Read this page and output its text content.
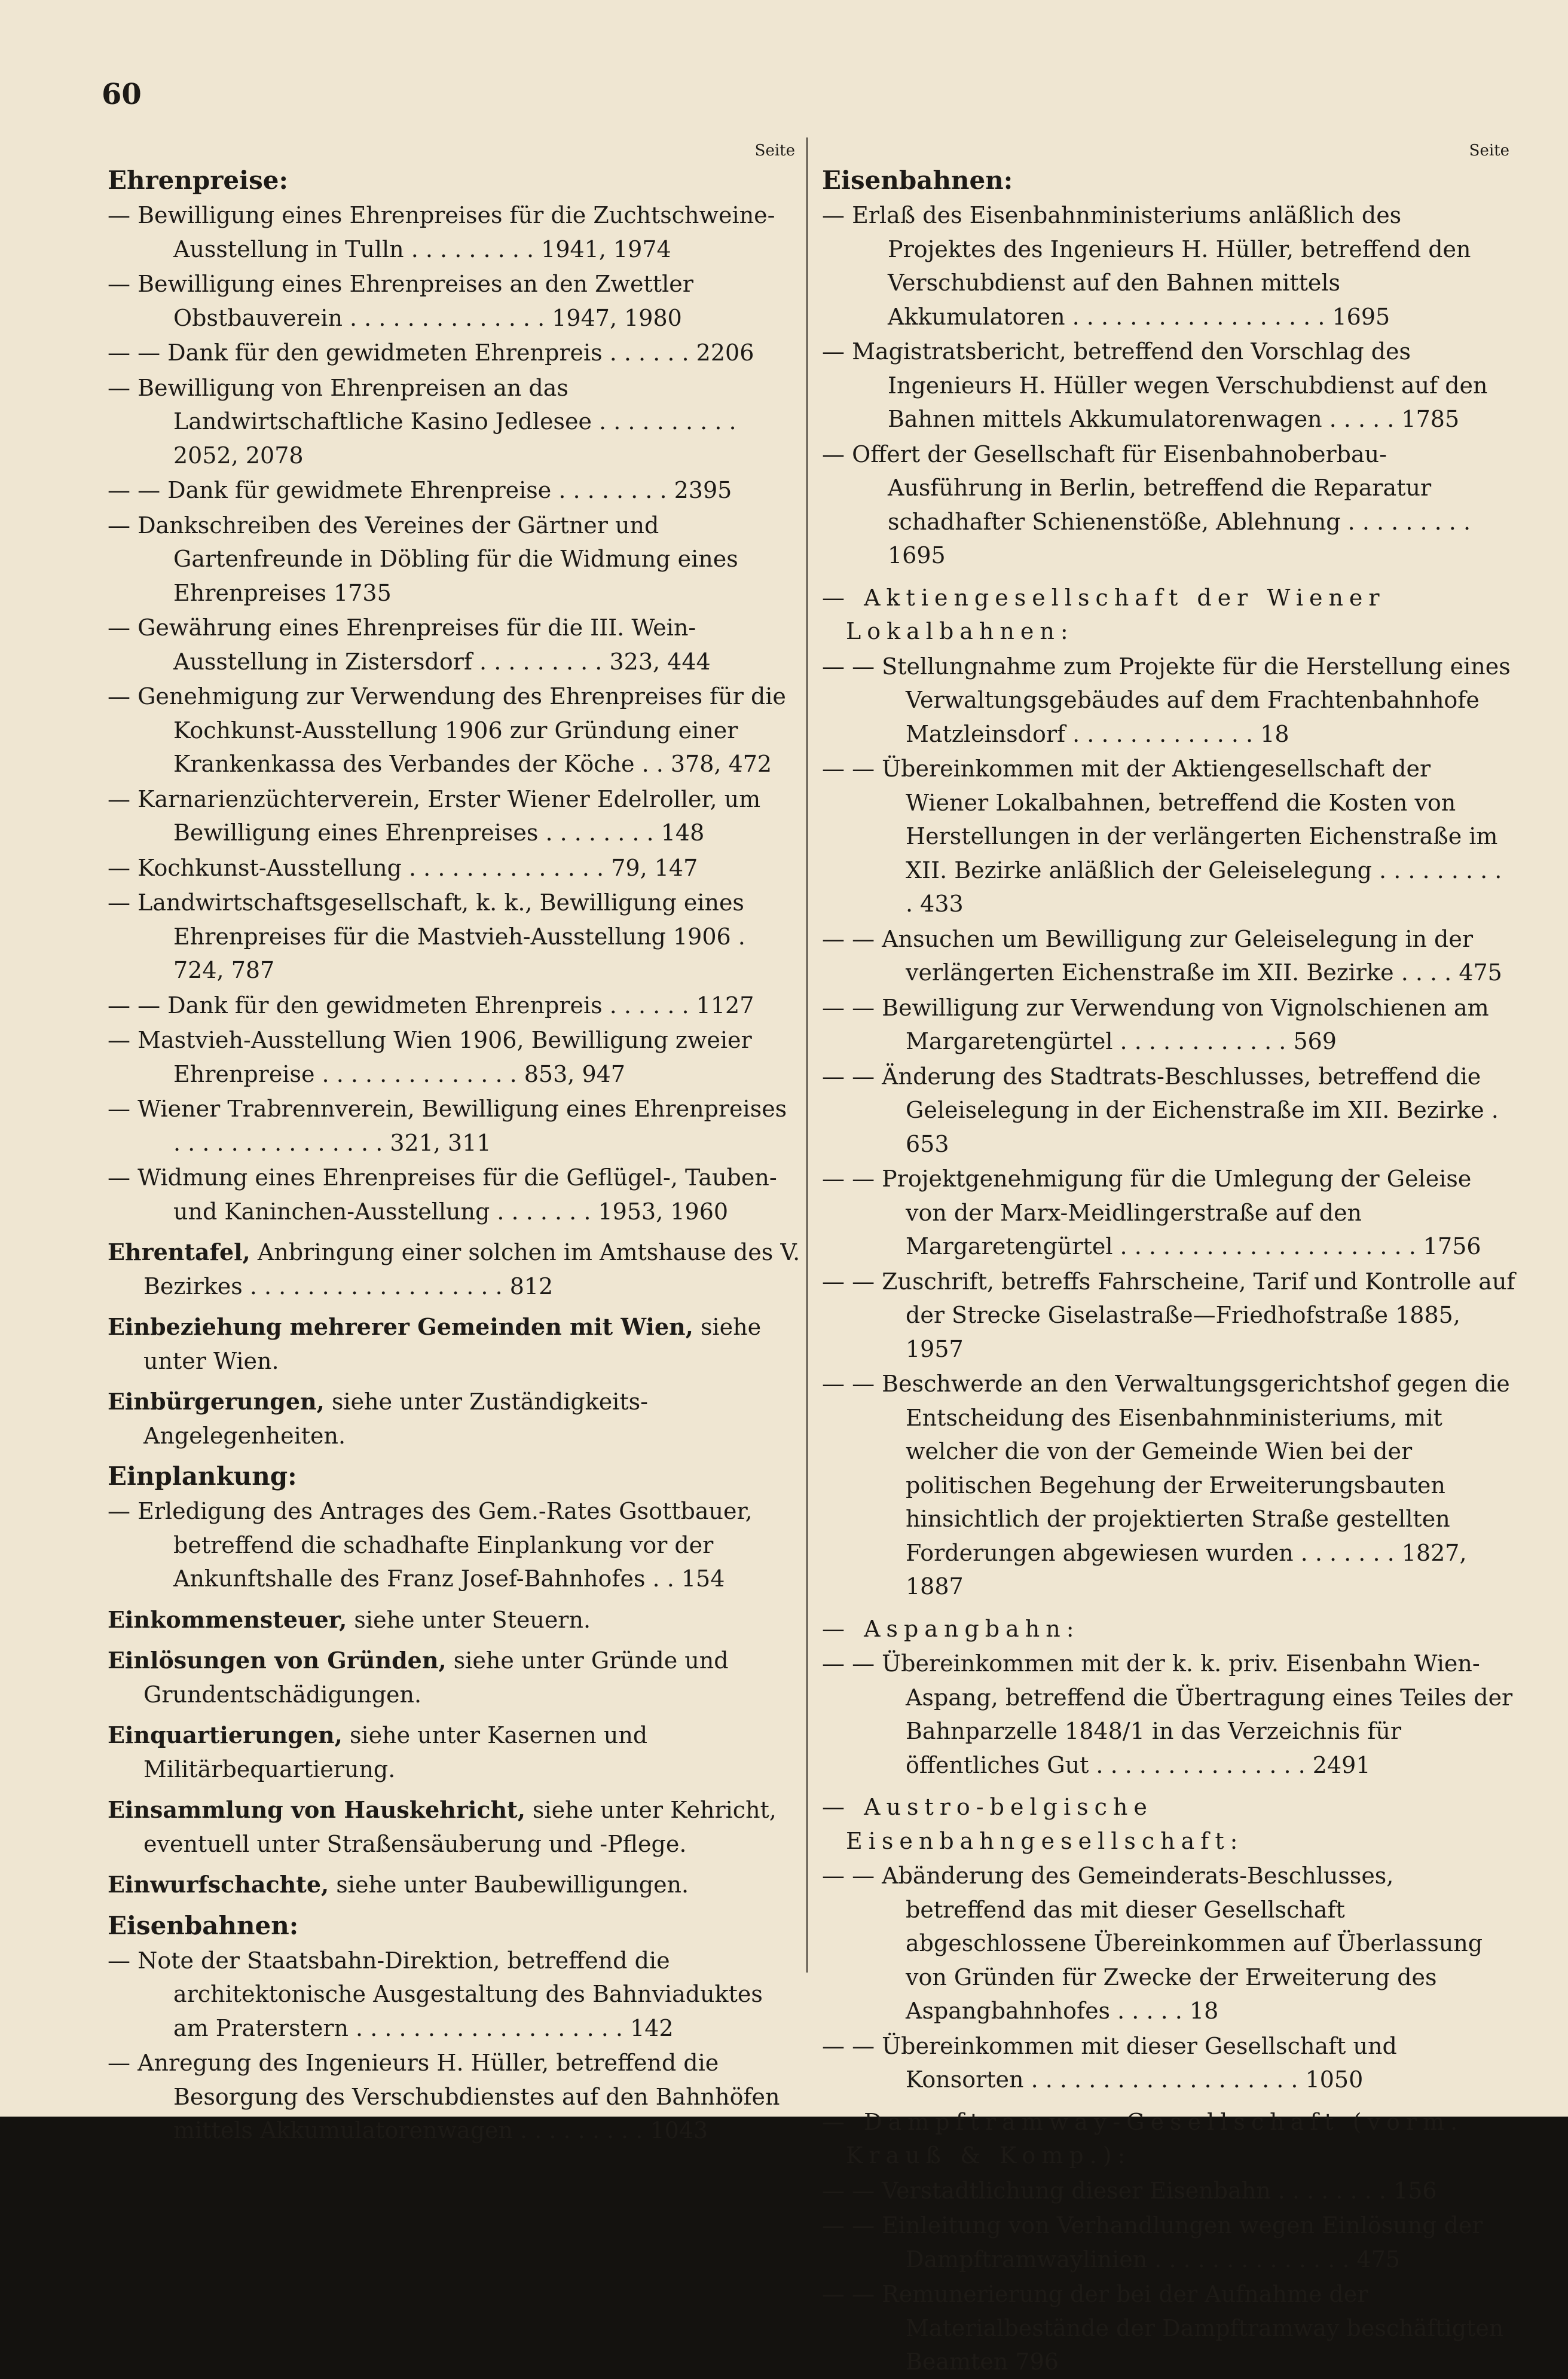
60
Seite
Ehrenpreise:
— Bewilligung eines Ehrenpreises für die Zuchtschweine-Ausstellung in Tulln . . . . . . . . . 1941, 1974
— Bewilligung eines Ehrenpreises an den Zwettler Obstbauverein . . . . . . . . . . . . . . 1947, 1980
— — Dank für den gewidmeten Ehrenpreis . . . . . . 2206
— Bewilligung von Ehrenpreisen an das Landwirtschaftliche Kasino Jedlesee . . . . . . . . . . 2052, 2078
— — Dank für gewidmete Ehrenpreise . . . . . . . . 2395
— Dankschreiben des Vereines der Gärtner und Gartenfreunde in Döbling für die Widmung eines Ehrenpreises 1735
— Gewährung eines Ehrenpreises für die III. Wein-Ausstellung in Zistersdorf . . . . . . . . . 323, 444
— Genehmigung zur Verwendung des Ehrenpreises für die Kochkunst-Ausstellung 1906 zur Gründung einer Krankenkassa des Verbandes der Köche . . 378, 472
— Karnarienzüchterverein, Erster Wiener Edelroller, um Bewilligung eines Ehrenpreises . . . . . . . . 148
— Kochkunst-Ausstellung . . . . . . . . . . . . . . 79, 147
— Landwirtschaftsgesellschaft, k. k., Bewilligung eines Ehrenpreises für die Mastvieh-Ausstellung 1906 . 724, 787
— — Dank für den gewidmeten Ehrenpreis . . . . . . 1127
— Mastvieh-Ausstellung Wien 1906, Bewilligung zweier Ehrenpreise . . . . . . . . . . . . . . 853, 947
— Wiener Trabrennverein, Bewilligung eines Ehrenpreises . . . . . . . . . . . . . . . 321, 311
— Widmung eines Ehrenpreises für die Geflügel-, Tauben- und Kaninchen-Ausstellung . . . . . . . 1953, 1960
Ehrentafel, Anbringung einer solchen im Amtshause des V. Bezirkes . . . . . . . . . . . . . . . . . . 812
Einbeziehung mehrerer Gemeinden mit Wien, siehe unter Wien.
Einbürgerungen, siehe unter Zuständigkeits-Angelegenheiten.
Einplankung:
— Erledigung des Antrages des Gem.-Rates Gsottbauer, betreffend die schadhafte Einplankung vor der Ankunftshalle des Franz Josef-Bahnhofes . . 154
Einkommensteuer, siehe unter Steuern.
Einlösungen von Gründen, siehe unter Gründe und Grundentschädigungen.
Einquartierungen, siehe unter Kasernen und Militärbequartierung.
Einsammlung von Hauskehricht, siehe unter Kehricht, eventuell unter Straßensäuberung und -Pflege.
Einwurfschachte, siehe unter Baubewilligungen.
Eisenbahnen:
— Note der Staatsbahn-Direktion, betreffend die architektonische Ausgestaltung des Bahnviaduktes am Praterstern . . . . . . . . . . . . . . . . . . . 142
— Anregung des Ingenieurs H. Hüller, betreffend die Besorgung des Verschubdienstes auf den Bahnhöfen mittels Akkumulatorenwagen . . . . . . . . . 1043
Seite
Eisenbahnen:
— Erlaß des Eisenbahnministeriums anläßlich des Projektes des Ingenieurs H. Hüller, betreffend den Verschubdienst auf den Bahnen mittels Akkumulatoren . . . . . . . . . . . . . . . . . . 1695
— Magistratsbericht, betreffend den Vorschlag des Ingenieurs H. Hüller wegen Verschubdienst auf den Bahnen mittels Akkumulatorenwagen . . . . . 1785
— Offert der Gesellschaft für Eisenbahnoberbau-Ausführung in Berlin, betreffend die Reparatur schadhafter Schienenstöße, Ablehnung . . . . . . . . . 1695
— Aktiengesellschaft der Wiener Lokalbahnen:
— — Stellungnahme zum Projekte für die Herstellung eines Verwaltungsgebäudes auf dem Frachtenbahnhofe Matzleinsdorf . . . . . . . . . . . . . 18
— — Übereinkommen mit der Aktiengesellschaft der Wiener Lokalbahnen, betreffend die Kosten von Herstellungen in der verlängerten Eichenstraße im XII. Bezirke anläßlich der Geleiselegung . . . . . . . . . . 433
— — Ansuchen um Bewilligung zur Geleiselegung in der verlängerten Eichenstraße im XII. Bezirke . . . . 475
— — Bewilligung zur Verwendung von Vignolschienen am Margaretengürtel . . . . . . . . . . . . 569
— — Änderung des Stadtrats-Beschlusses, betreffend die Geleiselegung in der Eichenstraße im XII. Bezirke . 653
— — Projektgenehmigung für die Umlegung der Geleise von der Marx-Meidlingerstraße auf den Margaretengürtel . . . . . . . . . . . . . . . . . . . . . 1756
— — Zuschrift, betreffs Fahrscheine, Tarif und Kontrolle auf der Strecke Giselastraße—Friedhofstraße 1885, 1957
— — Beschwerde an den Verwaltungsgerichtshof gegen die Entscheidung des Eisenbahnministeriums, mit welcher die von der Gemeinde Wien bei der politischen Begehung der Erweiterungsbauten hinsichtlich der projektierten Straße gestellten Forderungen abgewiesen wurden . . . . . . . 1827, 1887
— Aspangbahn:
— — Übereinkommen mit der k. k. priv. Eisenbahn Wien-Aspang, betreffend die Übertragung eines Teiles der Bahnparzelle 1848/1 in das Verzeichnis für öffentliches Gut . . . . . . . . . . . . . . . 2491
— Austro-belgische Eisenbahngesellschaft:
— — Abänderung des Gemeinderats-Beschlusses, betreffend das mit dieser Gesellschaft abgeschlossene Übereinkommen auf Überlassung von Gründen für Zwecke der Erweiterung des Aspangbahnhofes . . . . . 18
— — Übereinkommen mit dieser Gesellschaft und Konsorten . . . . . . . . . . . . . . . . . . . 1050
— Dampftramway-Gesellschaft (vorm. Krauß & Komp.):
— — Verstadtlichung dieser Eisenbahn . . . . . . . . 156
— — Einleitung von Verhandlungen wegen Einlösung der Dampftramwaylinien . . . . . . . . . . . . . . 475
— — Remunerierung der bei der Aufnahme der Materialbestände der Dampftramway beschäftigten Beamten 796
